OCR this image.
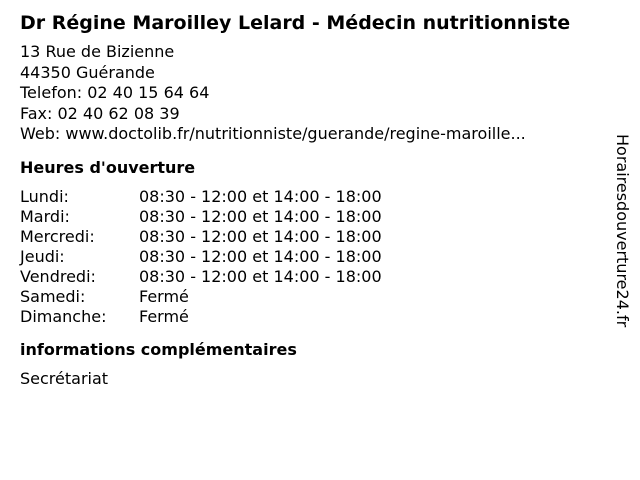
Dr Régine Maroilley Lelard - Médecin nutritionniste
13 Rue de Bizienne
44350 Guérande
Telefon: 02 40 15 64 64
Fax: 02 40 62 08 39
Web: www.doctolib.fr/nutritionniste/guerande/regine-maroille...
Heures d'ouverture
Lundi:	08:30 - 12:00 et 14:00 - 18:00
Mardi:	08:30 - 12:00 et 14:00 - 18:00
Mercredi:	08:30 - 12:00 et 14:00 - 18:00
Jeudi:	08:30 - 12:00 et 14:00 - 18:00
Vendredi:	08:30 - 12:00 et 14:00 - 18:00
Samedi:	Fermé
Dimanche:	Fermé
informations complémentaires
Secrétariat
Horairesdouverture24.fr
